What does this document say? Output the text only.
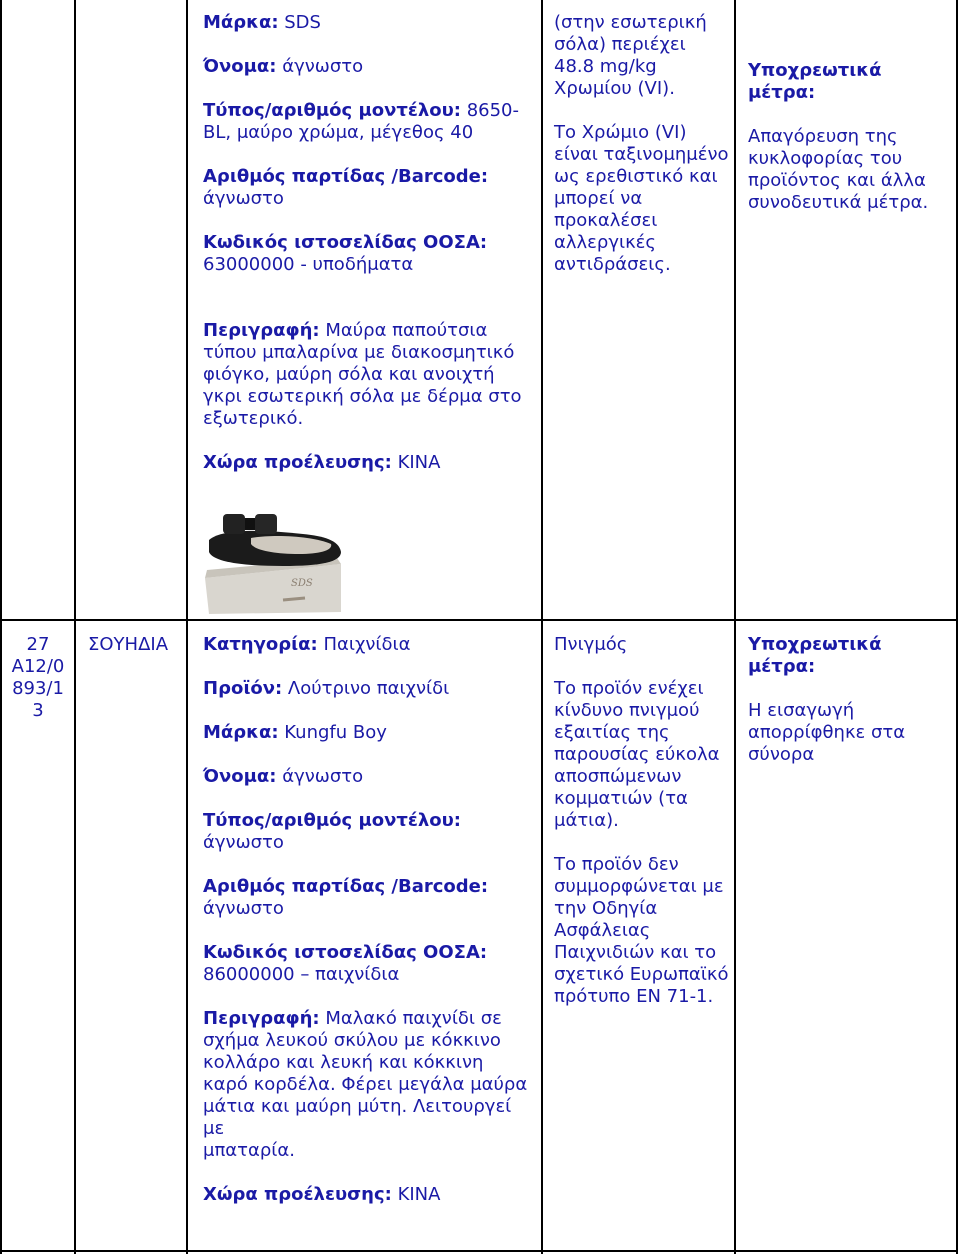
Μάρκα: SDS

Όνομα: άγνωστο

Τύπος/αριθμός μοντέλου: 8650-
BL, μαύρο χρώμα, μέγεθος 40

Αριθμός παρτίδας /Barcode:
άγνωστο

Κωδικός ιστοσελίδας ΟΟΣΑ:
63000000 - υποδήματα

Περιγραφή: Μαύρα παπούτσια
τύπου μπαλαρίνα με διακοσμητικό
φιόγκο, μαύρη σόλα και ανοιχτή
γκρι εσωτερική σόλα με δέρμα στο
εξωτερικό.

Χώρα προέλευσης: ΚΙΝΑ

SDS

(στην εσωτερική
σόλα) περιέχει
48.8 mg/kg
Χρωμίου (VI).

Το Χρώμιο (VI)
είναι ταξινομημένο
ως ερεθιστικό και
μπορεί να
προκαλέσει
αλλεργικές
αντιδράσεις.

Υποχρεωτικά
μέτρα:

Απαγόρευση της
κυκλοφορίας του
προϊόντος και άλλα
συνοδευτικά μέτρα.

27
A12/0
893/1
3
ΣΟΥΗΔΙΑ	Κατηγορία: Παιχνίδια

Προϊόν: Λούτρινο παιχνίδι

Μάρκα: Kungfu Boy

Όνομα: άγνωστο

Τύπος/αριθμός μοντέλου:
άγνωστο

Αριθμός παρτίδας /Barcode:
άγνωστο

Κωδικός ιστοσελίδας ΟΟΣΑ:
86000000 – παιχνίδια

Περιγραφή: Μαλακό παιχνίδι σε
σχήμα λευκού σκύλου με κόκκινο
κολλάρο και λευκή και κόκκινη
καρό κορδέλα. Φέρει μεγάλα μαύρα
μάτια και μαύρη μύτη. Λειτουργεί με
μπαταρία.

Χώρα προέλευσης: ΚΙΝΑ

Πνιγμός

Το προϊόν ενέχει
κίνδυνο πνιγμού
εξαιτίας της
παρουσίας εύκολα
αποσπώμενων
κομματιών (τα
μάτια).

Το προϊόν δεν
συμμορφώνεται με
την Οδηγία
Ασφάλειας
Παιχνιδιών και το
σχετικό Ευρωπαϊκό
πρότυπο EN 71-1.

Υποχρεωτικά
μέτρα:

Η εισαγωγή
απορρίφθηκε στα
σύνορα
